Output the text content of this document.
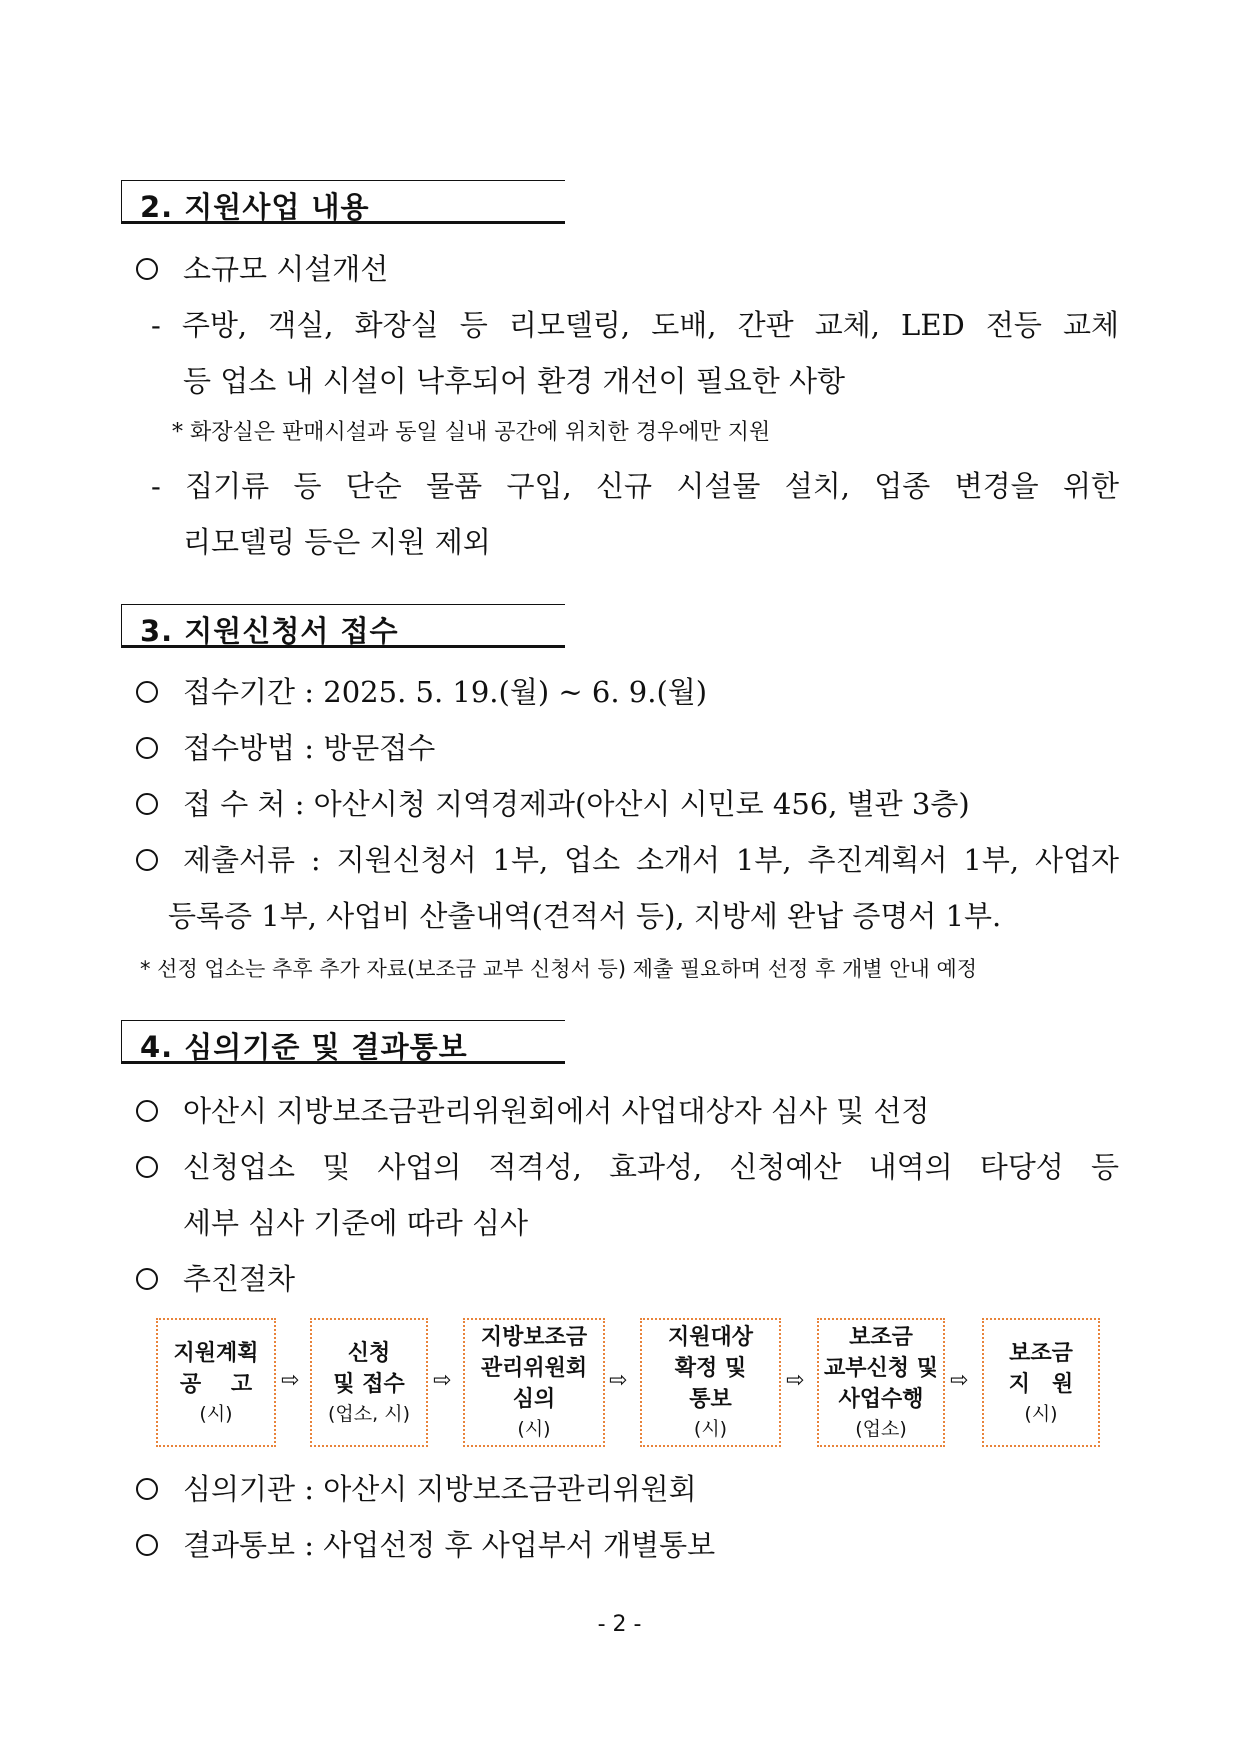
2. 지원사업 내용
소규모 시설개선
- 주방, 객실, 화장실 등 리모델링, 도배, 간판 교체, LED 전등 교체
등 업소 내 시설이 낙후되어 환경 개선이 필요한 사항
* 화장실은 판매시설과 동일 실내 공간에 위치한 경우에만 지원
- 집기류 등 단순 물품 구입, 신규 시설물 설치, 업종 변경을 위한
리모델링 등은 지원 제외
3. 지원신청서 접수
접수기간 : 2025. 5. 19.(월) ~ 6. 9.(월)
접수방법 : 방문접수
접 수 처 : 아산시청 지역경제과(아산시 시민로 456, 별관 3층)
제출서류 : 지원신청서 1부, 업소 소개서 1부, 추진계획서 1부, 사업자
등록증 1부, 사업비 산출내역(견적서 등), 지방세 완납 증명서 1부.
* 선정 업소는 추후 추가 자료(보조금 교부 신청서 등) 제출 필요하며 선정 후 개별 안내 예정
4. 심의기준 및 결과통보
아산시 지방보조금관리위원회에서 사업대상자 심사 및 선정
신청업소 및 사업의 적격성, 효과성, 신청예산 내역의 타당성 등
세부 심사 기준에 따라 심사
추진절차
지원계획
공　 고
(시)
⇨
신청
및 접수
(업소, 시)
⇨
지방보조금
관리위원회
심의
(시)
⇨
지원대상
확정 및
통보
(시)
⇨
보조금
교부신청 및
사업수행
(업소)
⇨
보조금
지　원
(시)
심의기관 : 아산시 지방보조금관리위원회
결과통보 : 사업선정 후 사업부서 개별통보
- 2 -
